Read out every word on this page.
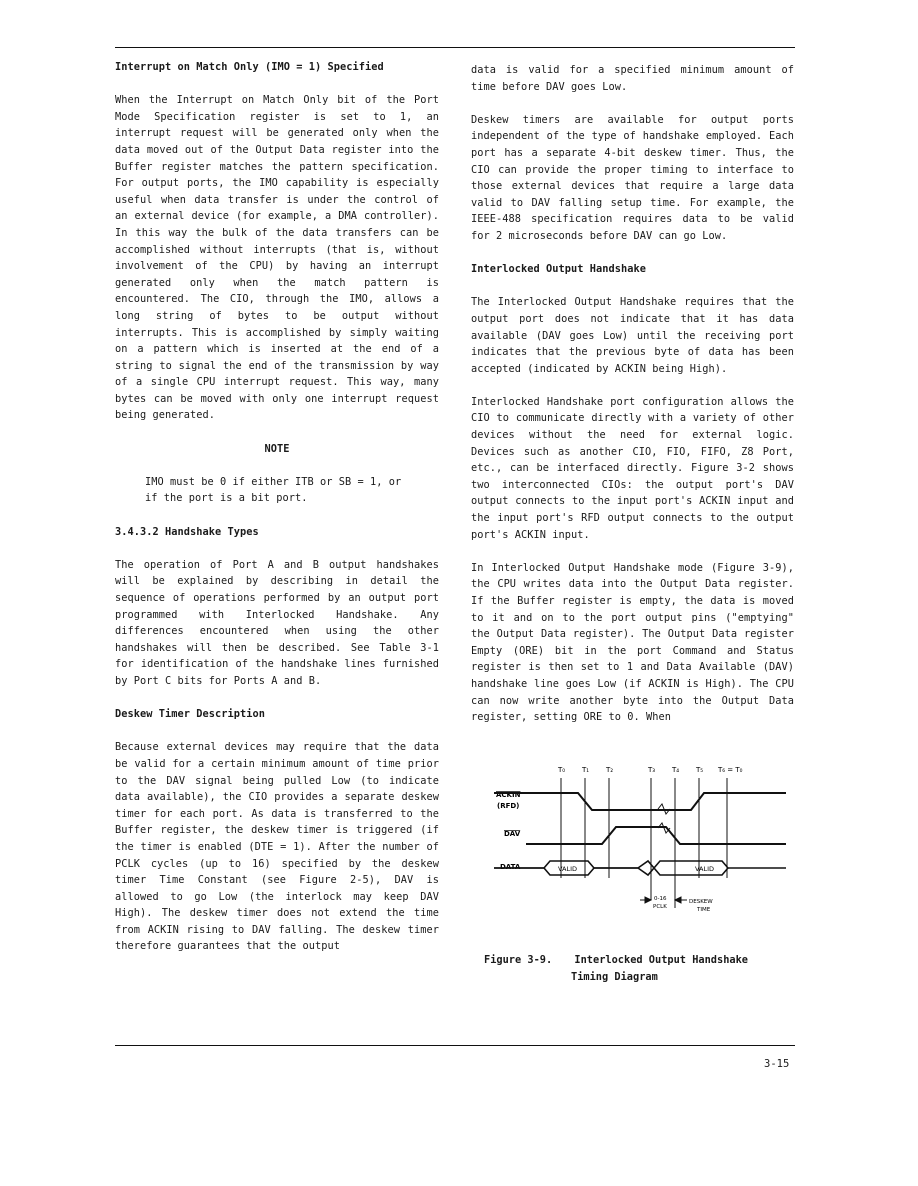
Interrupt on Match Only (IMO = 1) Specified

When the Interrupt on Match Only bit of the Port Mode Specification register is set to 1, an interrupt request will be generated only when the data moved out of the Output Data register into the Buffer register matches the pattern specification. For output ports, the IMO capability is especially useful when data transfer is under the control of an external device (for example, a DMA controller). In this way the bulk of the data transfers can be accomplished without interrupts (that is, without involvement of the CPU) by having an interrupt generated only when the match pattern is encountered. The CIO, through the IMO, allows a long string of bytes to be output without interrupts. This is accomplished by simply waiting on a pattern which is inserted at the end of a string to signal the end of the transmission by way of a single CPU interrupt request. This way, many bytes can be moved with only one interrupt request being generated.

NOTE
IMO must be 0 if either ITB or SB = 1, or if the port is a bit port.
3.4.3.2 Handshake Types

The operation of Port A and B output handshakes will be explained by describing in detail the sequence of operations performed by an output port programmed with Interlocked Handshake. Any differences encountered when using the other handshakes will then be described. See Table 3-1 for identification of the handshake lines furnished by Port C bits for Ports A and B.

Deskew Timer Description

Because external devices may require that the data be valid for a certain minimum amount of time prior to the DAV signal being pulled Low (to indicate data available), the CIO provides a separate deskew timer for each port. As data is transferred to the Buffer register, the deskew timer is triggered (if the timer is enabled (DTE = 1). After the number of PCLK cycles (up to 16) specified by the deskew timer Time Constant (see Figure 2-5), DAV is allowed to go Low (the interlock may keep DAV High). The deskew timer does not extend the time from ACKIN rising to DAV falling. The deskew timer therefore guarantees that the output

data is valid for a specified minimum amount of time before DAV goes Low.

Deskew timers are available for output ports independent of the type of handshake employed. Each port has a separate 4-bit deskew timer. Thus, the CIO can provide the proper timing to interface to those external devices that require a large data valid to DAV falling setup time. For example, the IEEE-488 specification requires data to be valid for 2 microseconds before DAV can go Low.

Interlocked Output Handshake

The Interlocked Output Handshake requires that the output port does not indicate that it has data available (DAV goes Low) until the receiving port indicates that the previous byte of data has been accepted (indicated by ACKIN being High).

Interlocked Handshake port configuration allows the CIO to communicate directly with a variety of other devices without the need for external logic. Devices such as another CIO, FIO, FIFO, Z8 Port, etc., can be interfaced directly. Figure 3-2 shows two interconnected CIOs: the output port's DAV output connects to the input port's ACKIN input and the input port's RFD output connects to the output port's ACKIN input.

In Interlocked Output Handshake mode (Figure 3-9), the CPU writes data into the Output Data register. If the Buffer register is empty, the data is moved to it and on to the port output pins ("emptying" the Output Data register). The Output Data register Empty (ORE) bit in the port Command and Status register is then set to 1 and Data Available (DAV) handshake line goes Low (if ACKIN is High). The CPU can now write another byte into the Output Data register, setting ORE to 0. When

T₀ T₁ T₂	T₃ T₄ T₅ T₆ = T₀
ACKIN
(RFD)
DAV
DATA	VALID	VALID
0-16
PCLK
DESKEW
TIME
Figure 3-9. Interlocked Output Handshake
Timing Diagram
3-15
